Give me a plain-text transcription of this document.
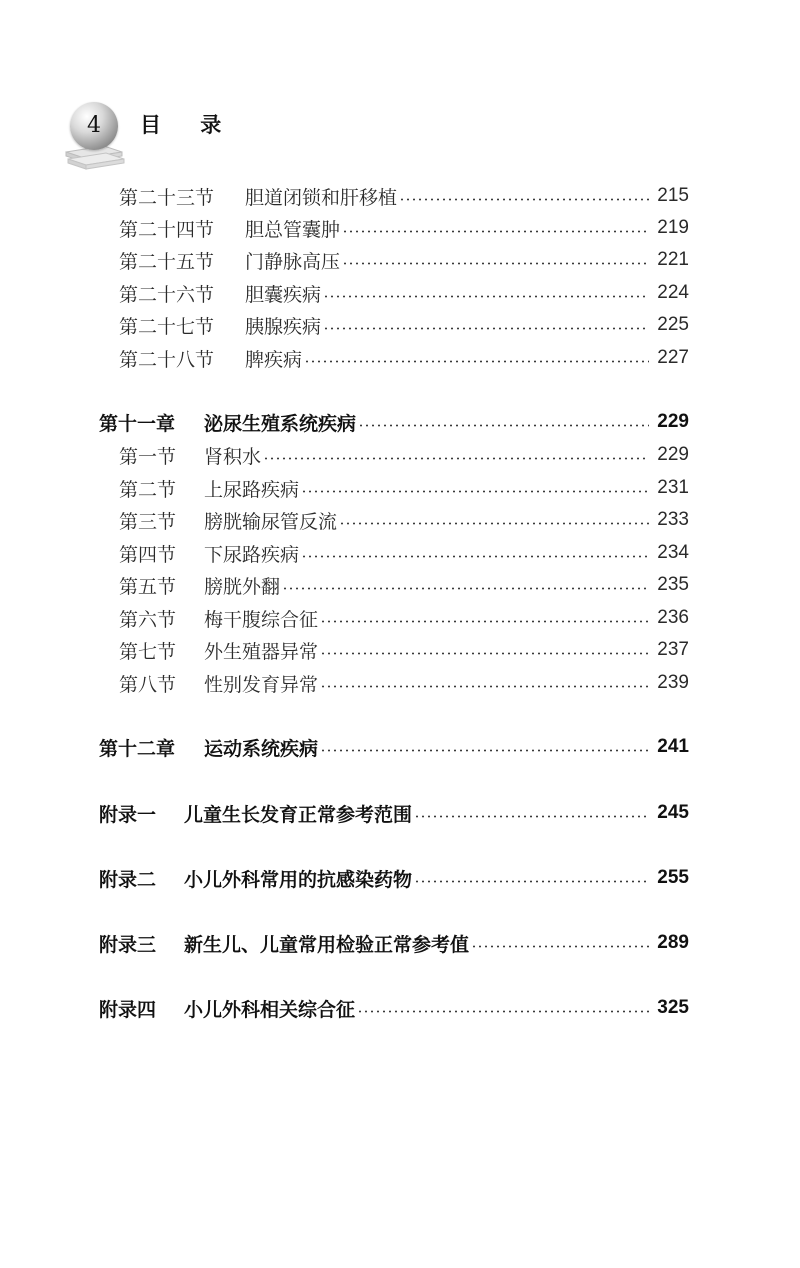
4	目 录
第二十三节	胆道闭锁和肝移植	215
第二十四节	胆总管囊肿	219
第二十五节	门静脉高压	221
第二十六节	胆囊疾病	224
第二十七节	胰腺疾病	225
第二十八节	脾疾病	227
第十一章	泌尿生殖系统疾病	229
第一节	肾积水	229
第二节	上尿路疾病	231
第三节	膀胱输尿管反流	233
第四节	下尿路疾病	234
第五节	膀胱外翻	235
第六节	梅干腹综合征	236
第七节	外生殖器异常	237
第八节	性别发育异常	239
第十二章	运动系统疾病	241
附录一	儿童生长发育正常参考范围	245
附录二	小儿外科常用的抗感染药物	255
附录三	新生儿、儿童常用检验正常参考值	289
附录四	小儿外科相关综合征	325
